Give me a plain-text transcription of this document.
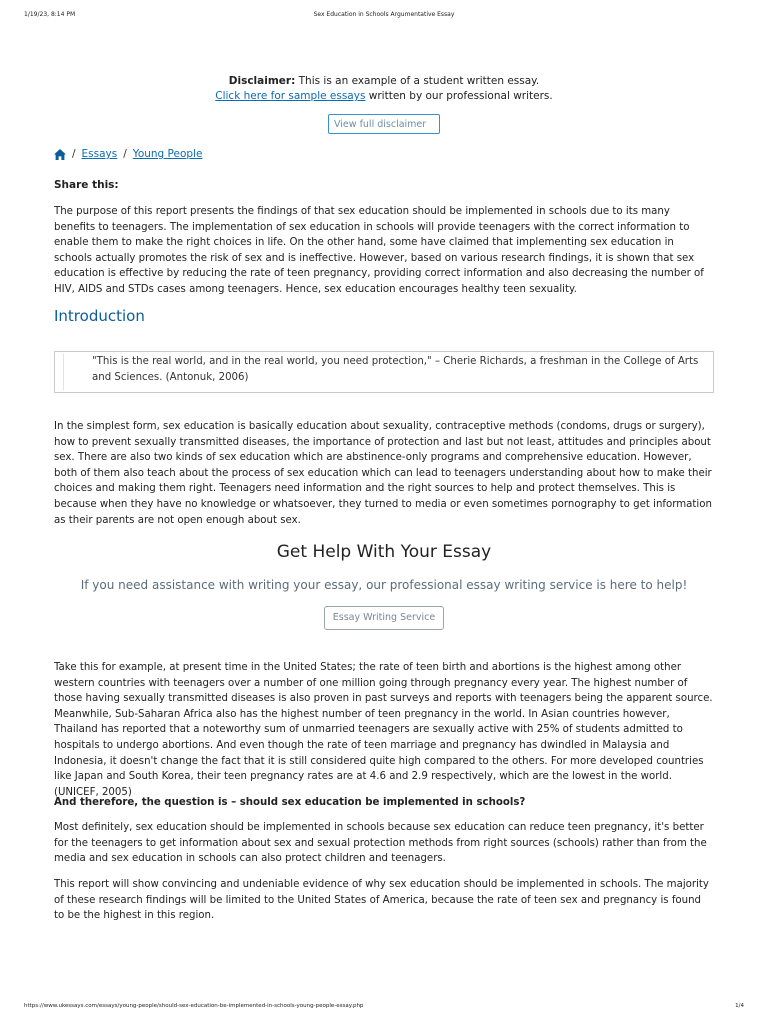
1/19/23, 8:14 PM	Sex Education in Schools Argumentative Essay
Disclaimer: This is an example of a student written essay.
Click here for sample essays written by our professional writers.
View full disclaimer
/ Essays / Young People
Share this:

The purpose of this report presents the findings of that sex education should be implemented in schools due to its many benefits to teenagers. The implementation of sex education in schools will provide teenagers with the correct information to enable them to make the right choices in life. On the other hand, some have claimed that implementing sex education in schools actually promotes the risk of sex and is ineffective. However, based on various research findings, it is shown that sex education is effective by reducing the rate of teen pregnancy, providing correct information and also decreasing the number of HIV, AIDS and STDs cases among teenagers. Hence, sex education encourages healthy teen sexuality.

Introduction

"This is the real world, and in the real world, you need protection," – Cherie Richards, a freshman in the College of Arts and Sciences. (Antonuk, 2006)

In the simplest form, sex education is basically education about sexuality, contraceptive methods (condoms, drugs or surgery), how to prevent sexually transmitted diseases, the importance of protection and last but not least, attitudes and principles about sex. There are also two kinds of sex education which are abstinence-only programs and comprehensive education. However, both of them also teach about the process of sex education which can lead to teenagers understanding about how to make their choices and making them right. Teenagers need information and the right sources to help and protect themselves. This is because when they have no knowledge or whatsoever, they turned to media or even sometimes pornography to get information as their parents are not open enough about sex.

Get Help With Your Essay

If you need assistance with writing your essay, our professional essay writing service is here to help!

Essay Writing Service

Take this for example, at present time in the United States; the rate of teen birth and abortions is the highest among other western countries with teenagers over a number of one million going through pregnancy every year. The highest number of those having sexually transmitted diseases is also proven in past surveys and reports with teenagers being the apparent source. Meanwhile, Sub-Saharan Africa also has the highest number of teen pregnancy in the world. In Asian countries however, Thailand has reported that a noteworthy sum of unmarried teenagers are sexually active with 25% of students admitted to hospitals to undergo abortions. And even though the rate of teen marriage and pregnancy has dwindled in Malaysia and Indonesia, it doesn't change the fact that it is still considered quite high compared to the others. For more developed countries like Japan and South Korea, their teen pregnancy rates are at 4.6 and 2.9 respectively, which are the lowest in the world. (UNICEF, 2005)

And therefore, the question is – should sex education be implemented in schools?

Most definitely, sex education should be implemented in schools because sex education can reduce teen pregnancy, it's better for the teenagers to get information about sex and sexual protection methods from right sources (schools) rather than from the media and sex education in schools can also protect children and teenagers.

This report will show convincing and undeniable evidence of why sex education should be implemented in schools. The majority of these research findings will be limited to the United States of America, because the rate of teen sex and pregnancy is found to be the highest in this region.

https://www.ukessays.com/essays/young-people/should-sex-education-be-implemented-in-schools-young-people-essay.php	1/4
